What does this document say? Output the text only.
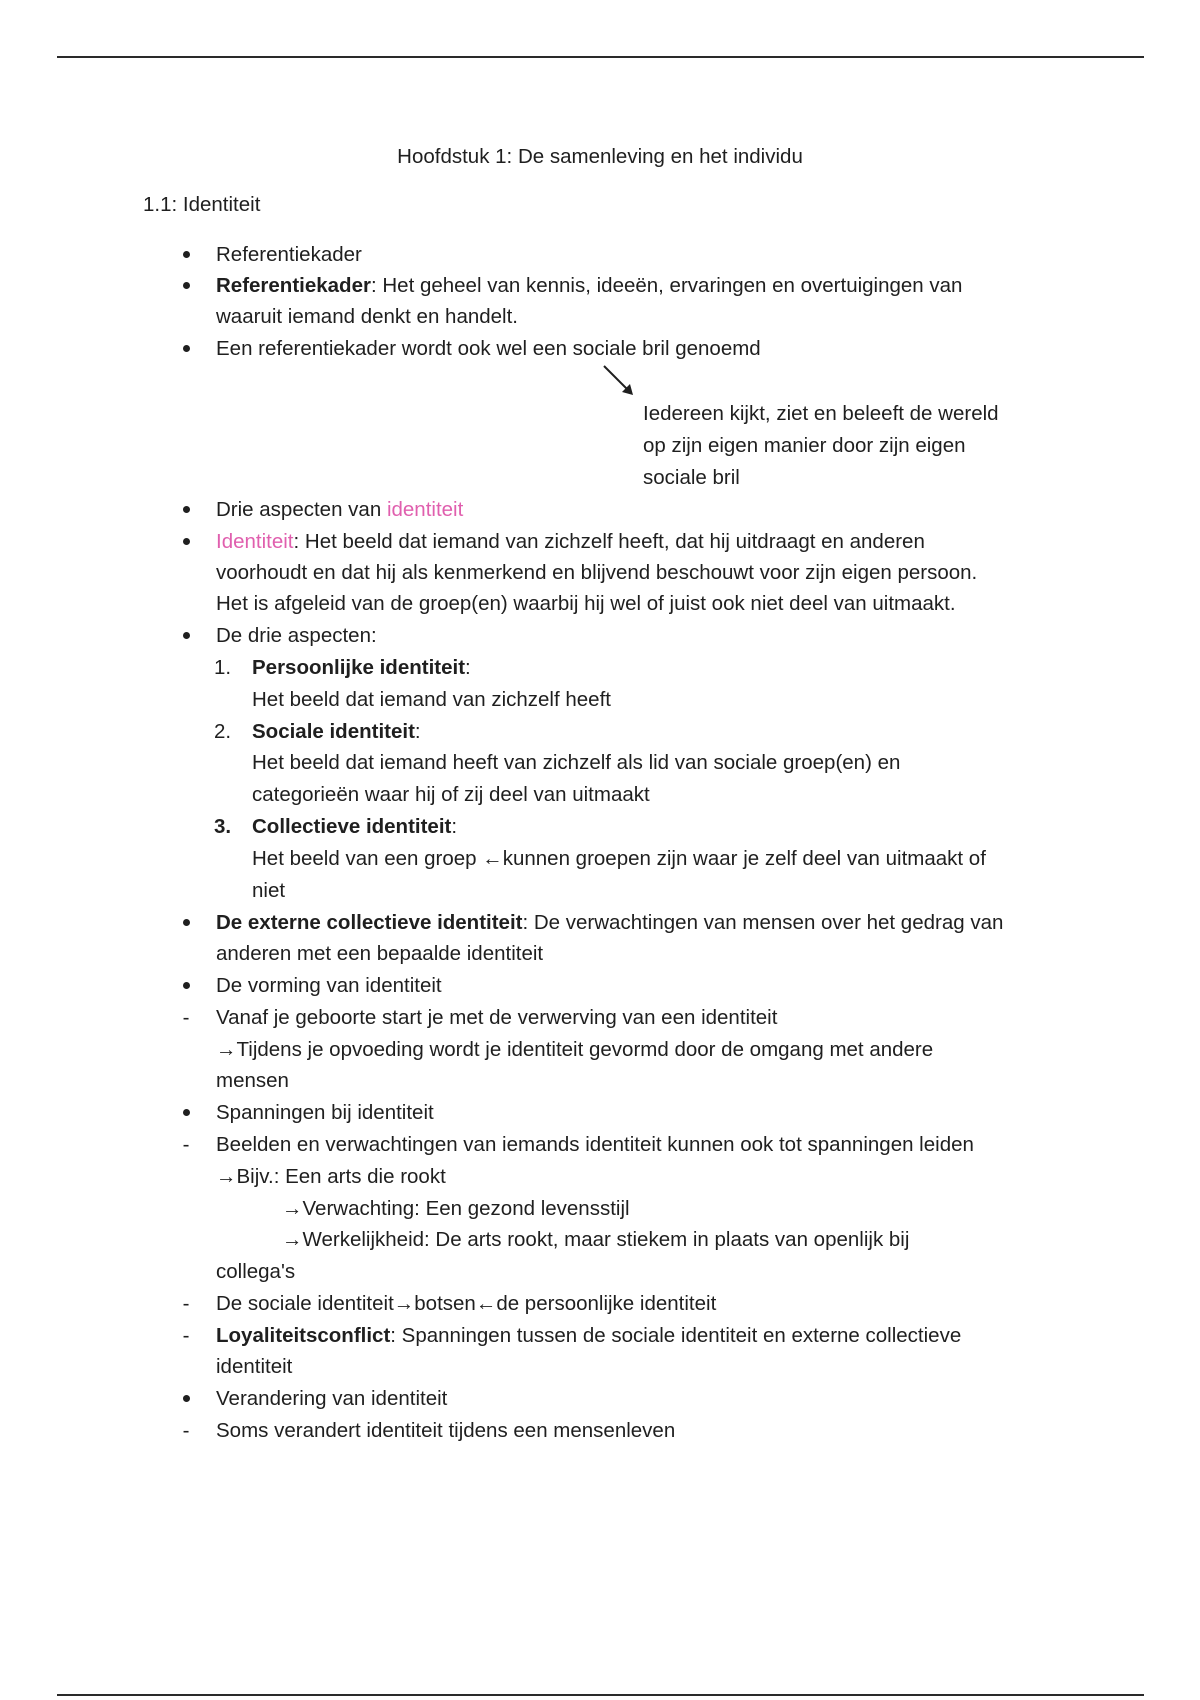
Hoofdstuk 1: De samenleving en het individu
1.1: Identiteit
Referentiekader
Referentiekader: Het geheel van kennis, ideeën, ervaringen en overtuigingen van
waaruit iemand denkt en handelt.
Een referentiekader wordt ook wel een sociale bril genoemd
Iedereen kijkt, ziet en beleeft de wereld
op zijn eigen manier door zijn eigen
sociale bril
Drie aspecten van identiteit
Identiteit: Het beeld dat iemand van zichzelf heeft, dat hij uitdraagt en anderen
voorhoudt en dat hij als kenmerkend en blijvend beschouwt voor zijn eigen persoon.
Het is afgeleid van de groep(en) waarbij hij wel of juist ook niet deel van uitmaakt.
De drie aspecten:
1.	Persoonlijke identiteit:
Het beeld dat iemand van zichzelf heeft
2.	Sociale identiteit:
Het beeld dat iemand heeft van zichzelf als lid van sociale groep(en) en
categorieën waar hij of zij deel van uitmaakt
3.	Collectieve identiteit:
Het beeld van een groep ←kunnen groepen zijn waar je zelf deel van uitmaakt of
niet
De externe collectieve identiteit: De verwachtingen van mensen over het gedrag van
anderen met een bepaalde identiteit
De vorming van identiteit
-	Vanaf je geboorte start je met de verwerving van een identiteit
→Tijdens je opvoeding wordt je identiteit gevormd door de omgang met andere
mensen
Spanningen bij identiteit
-	Beelden en verwachtingen van iemands identiteit kunnen ook tot spanningen leiden
→Bijv.: Een arts die rookt
→Verwachting: Een gezond levensstijl
→Werkelijkheid: De arts rookt, maar stiekem in plaats van openlijk bij
collega's
-	De sociale identiteit→botsen←de persoonlijke identiteit
-	Loyaliteitsconflict: Spanningen tussen de sociale identiteit en externe collectieve
identiteit
Verandering van identiteit
-	Soms verandert identiteit tijdens een mensenleven
